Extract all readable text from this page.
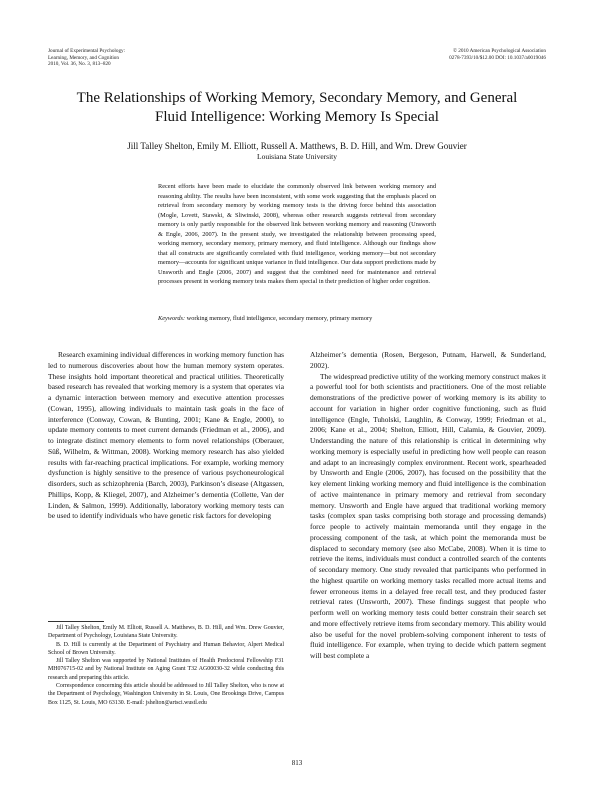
Journal of Experimental Psychology:
Learning, Memory, and Cognition
2010, Vol. 36, No. 3, 813–820
© 2010 American Psychological Association
0278-7393/10/$12.00 DOI: 10.1037/a0019046
The Relationships of Working Memory, Secondary Memory, and General
Fluid Intelligence: Working Memory Is Special
Jill Talley Shelton, Emily M. Elliott, Russell A. Matthews, B. D. Hill, and Wm. Drew Gouvier
Louisiana State University
Recent efforts have been made to elucidate the commonly observed link between working memory and reasoning ability. The results have been inconsistent, with some work suggesting that the emphasis placed on retrieval from secondary memory by working memory tests is the driving force behind this association (Mogle, Lovett, Stawski, & Sliwinski, 2008), whereas other research suggests retrieval from secondary memory is only partly responsible for the observed link between working memory and reasoning (Unsworth & Engle, 2006, 2007). In the present study, we investigated the relationship between processing speed, working memory, secondary memory, primary memory, and fluid intelligence. Although our findings show that all constructs are significantly correlated with fluid intelligence, working memory—but not secondary memory—accounts for significant unique variance in fluid intelligence. Our data support predictions made by Unsworth and Engle (2006, 2007) and suggest that the combined need for maintenance and retrieval processes present in working memory tests makes them special in their prediction of higher order cognition.
Keywords: working memory, fluid intelligence, secondary memory, primary memory

Research examining individual differences in working memory function has led to numerous discoveries about how the human memory system operates. These insights hold important theoretical and practical utilities. Theoretically based research has revealed that working memory is a system that operates via a dynamic interaction between memory and executive attention processes (Cowan, 1995), allowing individuals to maintain task goals in the face of interference (Conway, Cowan, & Bunting, 2001; Kane & Engle, 2000), to update memory contents to meet current demands (Friedman et al., 2006), and to integrate distinct memory elements to form novel relationships (Oberauer, Süß, Wilhelm, & Wittman, 2008). Working memory research has also yielded results with far-reaching practical implications. For example, working memory dysfunction is highly sensitive to the presence of various psychoneurological disorders, such as schizophrenia (Barch, 2003), Parkinson’s disease (Altgassen, Phillips, Kopp, & Kliegel, 2007), and Alzheimer’s dementia (Collette, Van der Linden, & Salmon, 1999). Additionally, laboratory working memory tests can be used to identify individuals who have genetic risk factors for developing

Alzheimer’s dementia (Rosen, Bergeson, Putnam, Harwell, & Sunderland, 2002).

The widespread predictive utility of the working memory construct makes it a powerful tool for both scientists and practitioners. One of the most reliable demonstrations of the predictive power of working memory is its ability to account for variation in higher order cognitive functioning, such as fluid intelligence (Engle, Tuholski, Laughlin, & Conway, 1999; Friedman et al., 2006; Kane et al., 2004; Shelton, Elliott, Hill, Calamia, & Gouvier, 2009). Understanding the nature of this relationship is critical in determining why working memory is especially useful in predicting how well people can reason and adapt to an increasingly complex environment. Recent work, spearheaded by Unsworth and Engle (2006, 2007), has focused on the possibility that the key element linking working memory and fluid intelligence is the combination of active maintenance in primary memory and retrieval from secondary memory. Unsworth and Engle have argued that traditional working memory tasks (complex span tasks comprising both storage and processing demands) force people to actively maintain memoranda until they engage in the processing component of the task, at which point the memoranda must be displaced to secondary memory (see also McCabe, 2008). When it is time to retrieve the items, individuals must conduct a controlled search of the contents of secondary memory. One study revealed that participants who performed in the highest quartile on working memory tasks recalled more actual items and fewer erroneous items in a delayed free recall test, and they produced faster retrieval rates (Unsworth, 2007). These findings suggest that people who perform well on working memory tests could better constrain their search set and more effectively retrieve items from secondary memory. This ability would also be useful for the novel problem-solving component inherent to tests of fluid intelligence. For example, when trying to decide which pattern segment will best complete a

Jill Talley Shelton, Emily M. Elliott, Russell A. Matthews, B. D. Hill, and Wm. Drew Gouvier, Department of Psychology, Louisiana State University.

B. D. Hill is currently at the Department of Psychiatry and Human Behavior, Alpert Medical School of Brown University.

Jill Talley Shelton was supported by National Institutes of Health Predoctoral Fellowship F31 MH076715-02 and by National Institute on Aging Grant T32 AG00030-32 while conducting this research and preparing this article.

Correspondence concerning this article should be addressed to Jill Talley Shelton, who is now at the Department of Psychology, Washington University in St. Louis, One Brookings Drive, Campus Box 1125, St. Louis, MO 63130. E-mail: jshelton@artsci.wustl.edu

813
